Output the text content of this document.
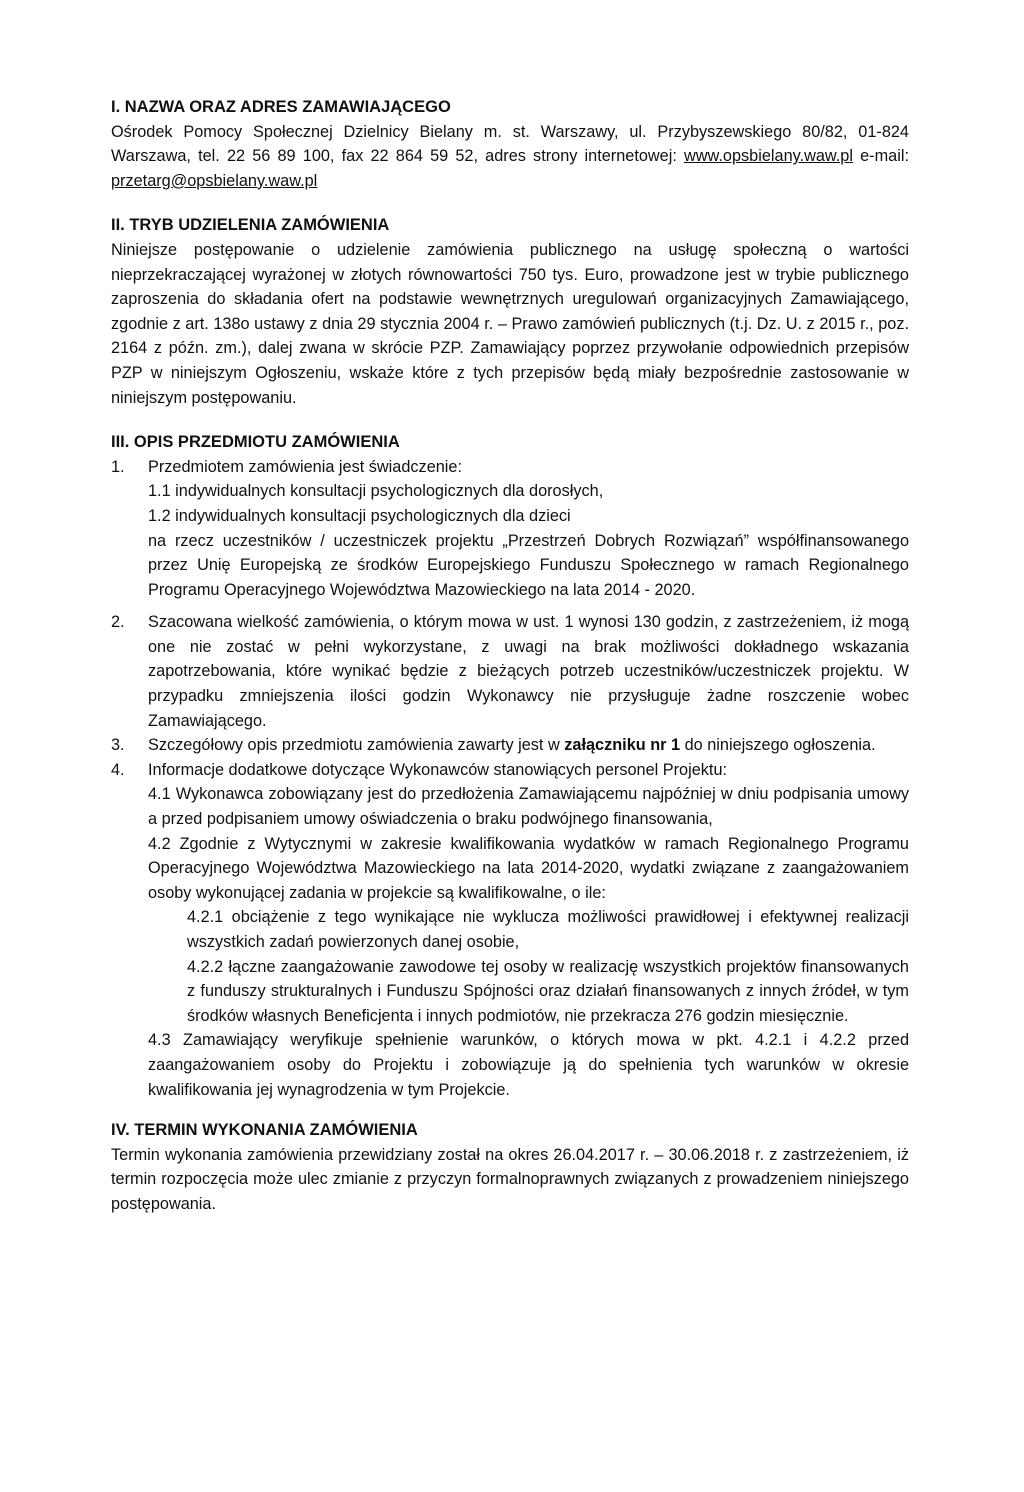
I. NAZWA ORAZ ADRES ZAMAWIAJĄCEGO

Ośrodek Pomocy Społecznej Dzielnicy Bielany m. st. Warszawy, ul. Przybyszewskiego 80/82, 01-824 Warszawa, tel. 22 56 89 100, fax 22 864 59 52, adres strony internetowej: www.opsbielany.waw.pl e-mail: przetarg@opsbielany.waw.pl

II. TRYB UDZIELENIA ZAMÓWIENIA

Niniejsze postępowanie o udzielenie zamówienia publicznego na usługę społeczną o wartości nieprzekraczającej wyrażonej w złotych równowartości 750 tys. Euro, prowadzone jest w trybie publicznego zaproszenia do składania ofert na podstawie wewnętrznych uregulowań organizacyjnych Zamawiającego, zgodnie z art. 138o ustawy z dnia 29 stycznia 2004 r. – Prawo zamówień publicznych (t.j. Dz. U. z 2015 r., poz. 2164 z późn. zm.), dalej zwana w skrócie PZP. Zamawiający poprzez przywołanie odpowiednich przepisów PZP w niniejszym Ogłoszeniu, wskaże które z tych przepisów będą miały bezpośrednie zastosowanie w niniejszym postępowaniu.

III. OPIS PRZEDMIOTU ZAMÓWIENIA
1. Przedmiotem zamówienia jest świadczenie:
1.1 indywidualnych konsultacji psychologicznych dla dorosłych,
1.2 indywidualnych konsultacji psychologicznych dla dzieci
na rzecz uczestników / uczestniczek projektu „Przestrzeń Dobrych Rozwiązań” współfinansowanego przez Unię Europejską ze środków Europejskiego Funduszu Społecznego w ramach Regionalnego Programu Operacyjnego Województwa Mazowieckiego na lata 2014 - 2020.
2. Szacowana wielkość zamówienia, o którym mowa w ust. 1 wynosi 130 godzin, z zastrzeżeniem, iż mogą one nie zostać w pełni wykorzystane, z uwagi na brak możliwości dokładnego wskazania zapotrzebowania, które wynikać będzie z bieżących potrzeb uczestników/uczestniczek projektu. W przypadku zmniejszenia ilości godzin Wykonawcy nie przysługuje żadne roszczenie wobec Zamawiającego.
3. Szczegółowy opis przedmiotu zamówienia zawarty jest w załączniku nr 1 do niniejszego ogłoszenia.
4. Informacje dodatkowe dotyczące Wykonawców stanowiących personel Projektu:
4.1 Wykonawca zobowiązany jest do przedłożenia Zamawiającemu najpóźniej w dniu podpisania umowy a przed podpisaniem umowy oświadczenia o braku podwójnego finansowania,
4.2 Zgodnie z Wytycznymi w zakresie kwalifikowania wydatków w ramach Regionalnego Programu Operacyjnego Województwa Mazowieckiego na lata 2014-2020, wydatki związane z zaangażowaniem osoby wykonującej zadania w projekcie są kwalifikowalne, o ile:
4.2.1 obciążenie z tego wynikające nie wyklucza możliwości prawidłowej i efektywnej realizacji wszystkich zadań powierzonych danej osobie,
4.2.2 łączne zaangażowanie zawodowe tej osoby w realizację wszystkich projektów finansowanych z funduszy strukturalnych i Funduszu Spójności oraz działań finansowanych z innych źródeł, w tym środków własnych Beneficjenta i innych podmiotów, nie przekracza 276 godzin miesięcznie.
4.3 Zamawiający weryfikuje spełnienie warunków, o których mowa w pkt. 4.2.1 i 4.2.2 przed zaangażowaniem osoby do Projektu i zobowiązuje ją do spełnienia tych warunków w okresie kwalifikowania jej wynagrodzenia w tym Projekcie.
IV. TERMIN WYKONANIA ZAMÓWIENIA

Termin wykonania zamówienia przewidziany został na okres 26.04.2017 r. – 30.06.2018 r. z zastrzeżeniem, iż termin rozpoczęcia może ulec zmianie z przyczyn formalnoprawnych związanych z prowadzeniem niniejszego postępowania.
